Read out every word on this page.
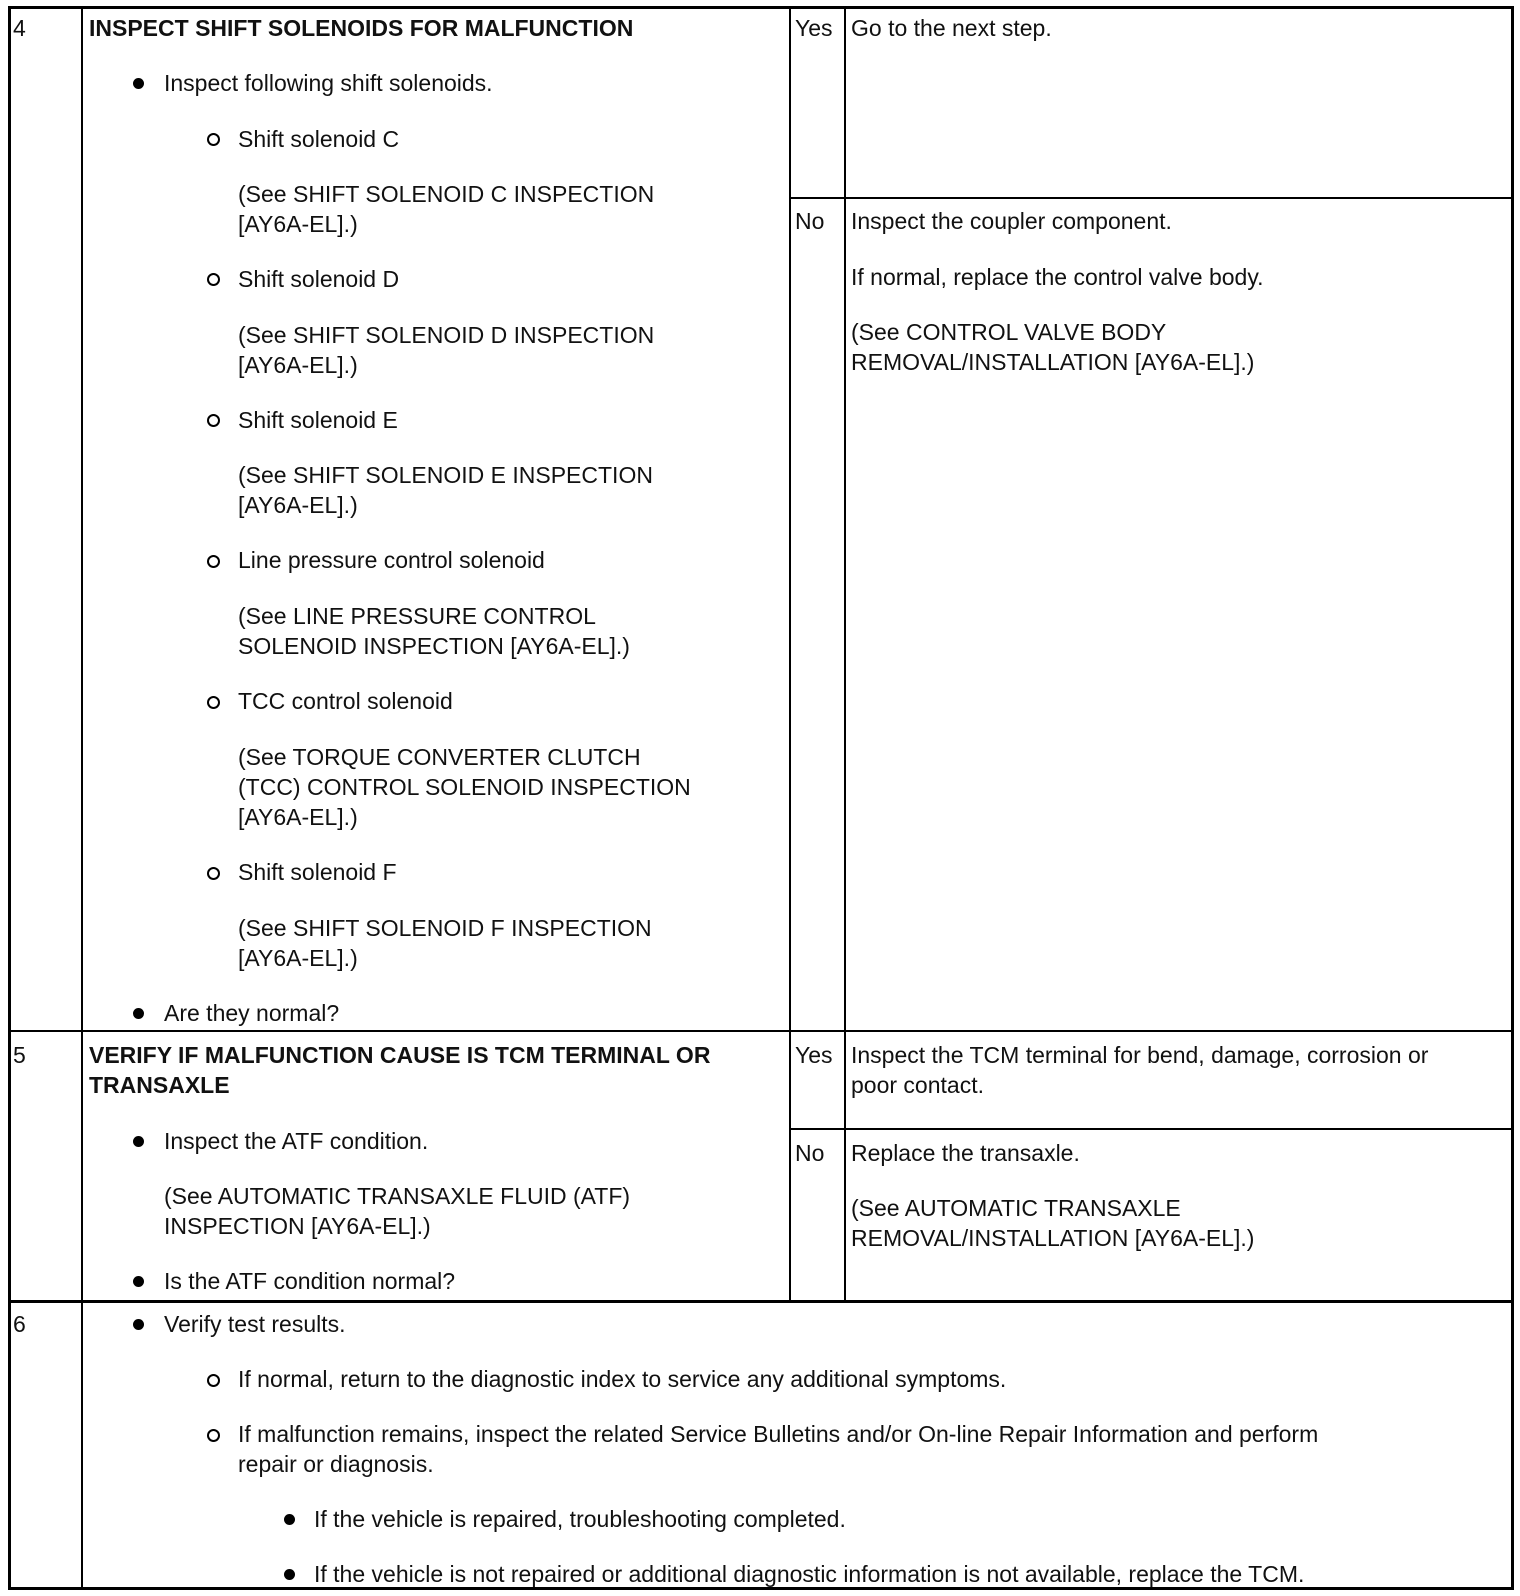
4	INSPECT SHIFT SOLENOIDS FOR MALFUNCTION
Inspect following shift solenoids.
Shift solenoid C
(See SHIFT SOLENOID C INSPECTION
[AY6A-EL].)
Shift solenoid D
(See SHIFT SOLENOID D INSPECTION
[AY6A-EL].)
Shift solenoid E
(See SHIFT SOLENOID E INSPECTION
[AY6A-EL].)
Line pressure control solenoid
(See LINE PRESSURE CONTROL
SOLENOID INSPECTION [AY6A-EL].)
TCC control solenoid
(See TORQUE CONVERTER CLUTCH
(TCC) CONTROL SOLENOID INSPECTION
[AY6A-EL].)
Shift solenoid F
(See SHIFT SOLENOID F INSPECTION
[AY6A-EL].)
Are they normal?
Yes Go to the next step.
No Inspect the coupler component.
If normal, replace the control valve body.
(See CONTROL VALVE BODY
REMOVAL/INSTALLATION [AY6A-EL].)
5	VERIFY IF MALFUNCTION CAUSE IS TCM TERMINAL OR
TRANSAXLE
Inspect the ATF condition.
(See AUTOMATIC TRANSAXLE FLUID (ATF)
INSPECTION [AY6A-EL].)
Is the ATF condition normal?
Yes Inspect the TCM terminal for bend, damage, corrosion or
poor contact.
No Replace the transaxle.
(See AUTOMATIC TRANSAXLE
REMOVAL/INSTALLATION [AY6A-EL].)
6	Verify test results.
If normal, return to the diagnostic index to service any additional symptoms.
If malfunction remains, inspect the related Service Bulletins and/or On-line Repair Information and perform
repair or diagnosis.
If the vehicle is repaired, troubleshooting completed.
If the vehicle is not repaired or additional diagnostic information is not available, replace the TCM.
